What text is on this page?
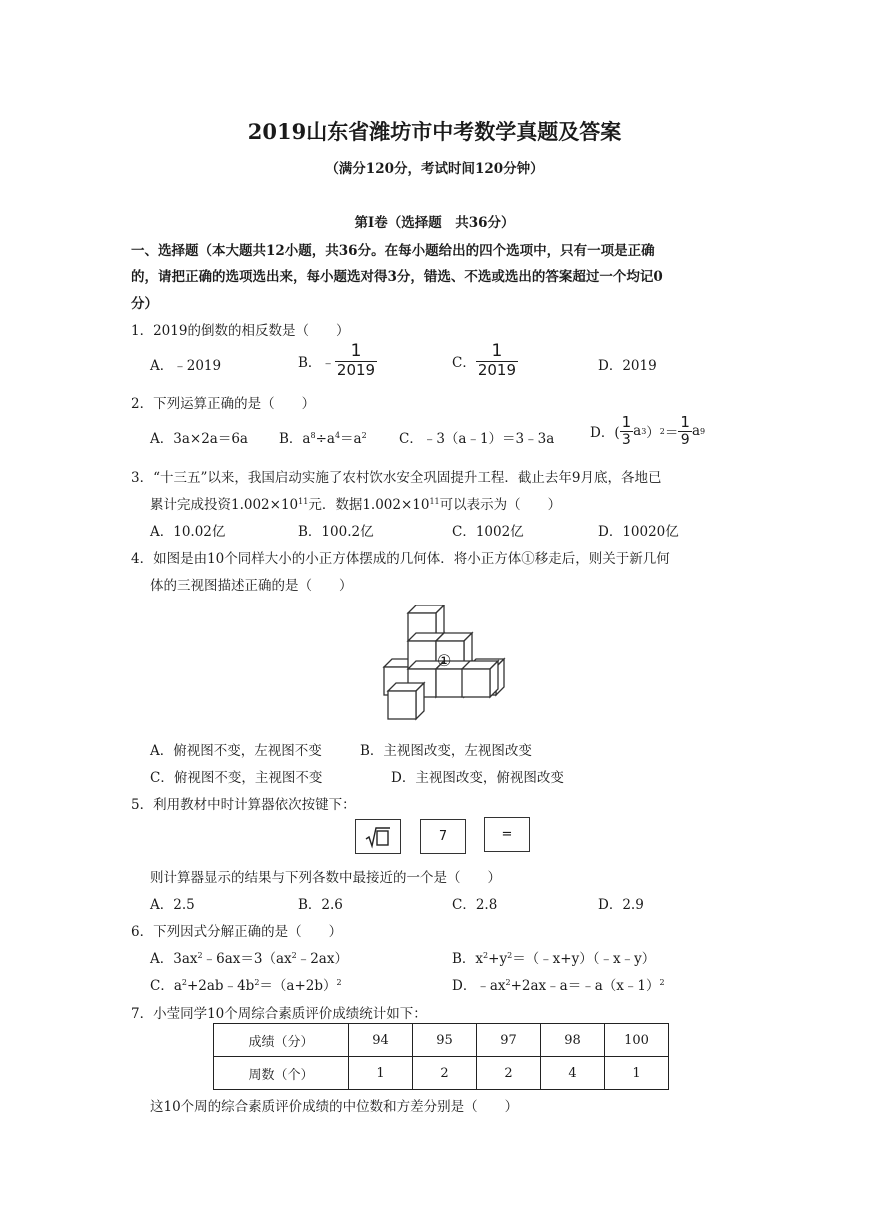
2019山东省潍坊市中考数学真题及答案
（满分120分，考试时间120分钟）
第Ⅰ卷（选择题　共36分）
一、选择题（本大题共12小题，共36分。在每小题给出的四个选项中，只有一项是正确
的，请把正确的选项选出来，每小题选对得3分，错选、不选或选出的答案超过一个均记0
分）
1．2019的倒数的相反数是（　　）
A．﹣2019	B．﹣ $\frac{1}{2019}$	C． $\frac{1}{2019}$	D．2019
2．下列运算正确的是（　　）
A．3a×2a＝6a B．$a^8\div a^4=a^2$ C．﹣3（a﹣1）＝3﹣3a	D．( $\frac{1}{3}$ a 3 ） $2 = \frac{1}{9}$ a 9
3．“十三五”以来，我国启动实施了农村饮水安全巩固提升工程．截止去年9月底，各地已
累计完成投资$1.002\times 10^{11}$元．数据$1.002\times 10^{11}$可以表示为（　　）
A．10.02亿	B．100.2亿	C．1002亿	D．10020亿
4．如图是由10个同样大小的小正方体摆成的几何体．将小正方体①移走后，则关于新几何
体的三视图描述正确的是（　　）
①
A．俯视图不变，左视图不变	B．主视图改变，左视图改变
C．俯视图不变，主视图不变	D．主视图改变，俯视图改变
5．利用教材中时计算器依次按键下：
7	=
则计算器显示的结果与下列各数中最接近的一个是（　　）
A．2.5	B．2.6	C．2.8	D．2.9
6．下列因式分解正确的是（　　）
A．$3ax^2﹣6ax=3(ax^2﹣2ax)$	B．$x^2+y^2=(﹣x+y)(﹣x﹣y)$
C．$a^2+2ab﹣4b^2=(a+2b)^2$	D．$﹣ax^2+2ax﹣a=﹣a(x﹣1)^2$
7．小莹同学10个周综合素质评价成绩统计如下：
成绩（分）	94	95	97	98	100
周数（个）	1	2	2	4	1
这10个周的综合素质评价成绩的中位数和方差分别是（　　）
